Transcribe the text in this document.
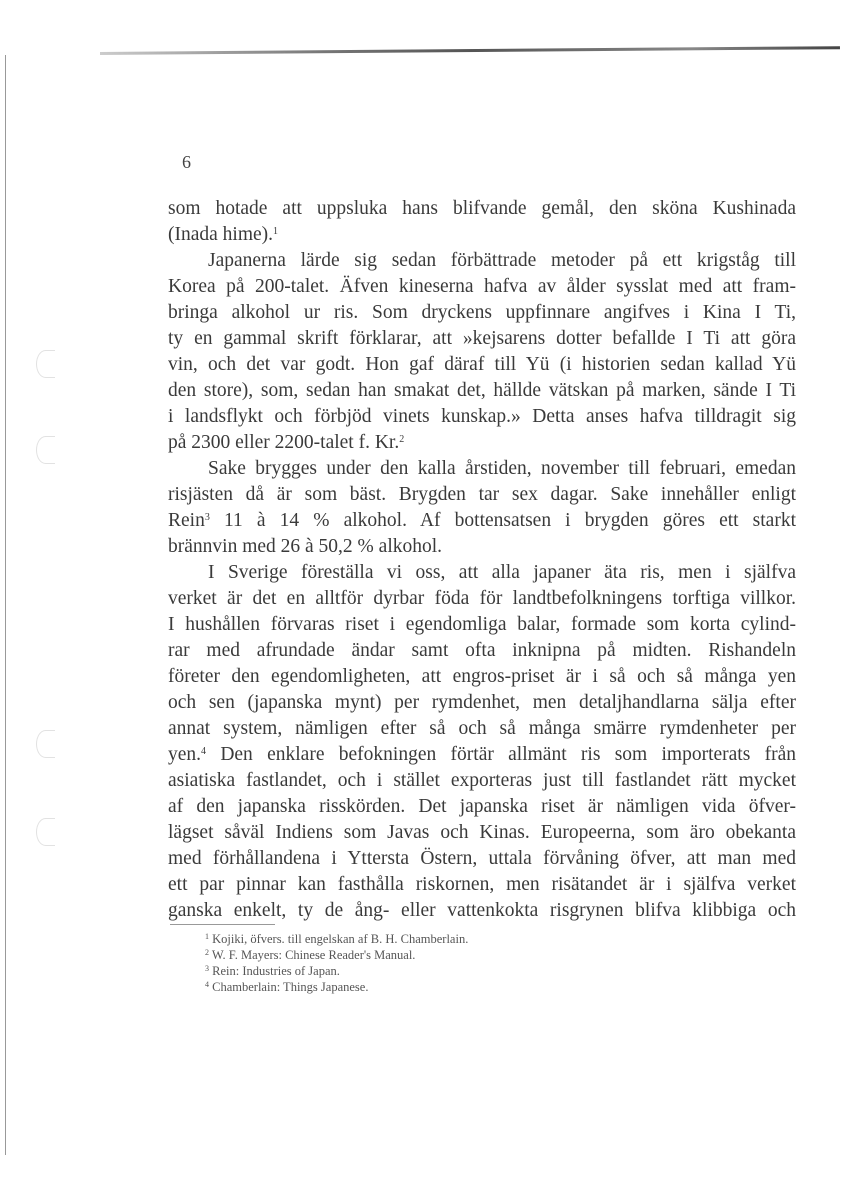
6
som hotade att uppsluka hans blifvande gemål, den sköna Kushinada
(Inada hime).$^1$
Japanerna lärde sig sedan förbättrade metoder på ett krigståg till
Korea på 200-talet. Äfven kineserna hafva av ålder sysslat med att fram-
bringa alkohol ur ris. Som dryckens uppfinnare angifves i Kina I Ti,
ty en gammal skrift förklarar, att »kejsarens dotter befallde I Ti att göra
vin, och det var godt. Hon gaf däraf till Yü (i historien sedan kallad Yü
den store), som, sedan han smakat det, hällde vätskan på marken, sände I Ti
i landsflykt och förbjöd vinets kunskap.» Detta anses hafva tilldragit sig
på 2300 eller 2200-talet f. Kr.$^2$
Sake brygges under den kalla årstiden, november till februari, emedan
risjästen då är som bäst. Brygden tar sex dagar. Sake innehåller enligt
Rein$^3$ 11 à 14 % alkohol. Af bottensatsen i brygden göres ett starkt
brännvin med 26 à 50,2 % alkohol.
I Sverige föreställa vi oss, att alla japaner äta ris, men i själfva
verket är det en alltför dyrbar föda för landtbefolkningens torftiga villkor.
I hushållen förvaras riset i egendomliga balar, formade som korta cylind-
rar med afrundade ändar samt ofta inknipna på midten. Rishandeln
företer den egendomligheten, att engros-priset är i så och så många yen
och sen (japanska mynt) per rymdenhet, men detaljhandlarna sälja efter
annat system, nämligen efter så och så många smärre rymdenheter per
yen.$^4$ Den enklare befokningen förtär allmänt ris som importerats från
asiatiska fastlandet, och i stället exporteras just till fastlandet rätt mycket
af den japanska risskörden. Det japanska riset är nämligen vida öfver-
lägset såväl Indiens som Javas och Kinas. Europeerna, som äro obekanta
med förhållandena i Yttersta Östern, uttala förvåning öfver, att man med
ett par pinnar kan fasthålla riskornen, men risätandet är i själfva verket
ganska enkelt, ty de ång- eller vattenkokta risgrynen blifva klibbiga och
$^1$ Kojiki, öfvers. till engelskan af B. H. Chamberlain.
$^2$ W. F. Mayers: Chinese Reader's Manual.
$^3$ Rein: Industries of Japan.
$^4$ Chamberlain: Things Japanese.
